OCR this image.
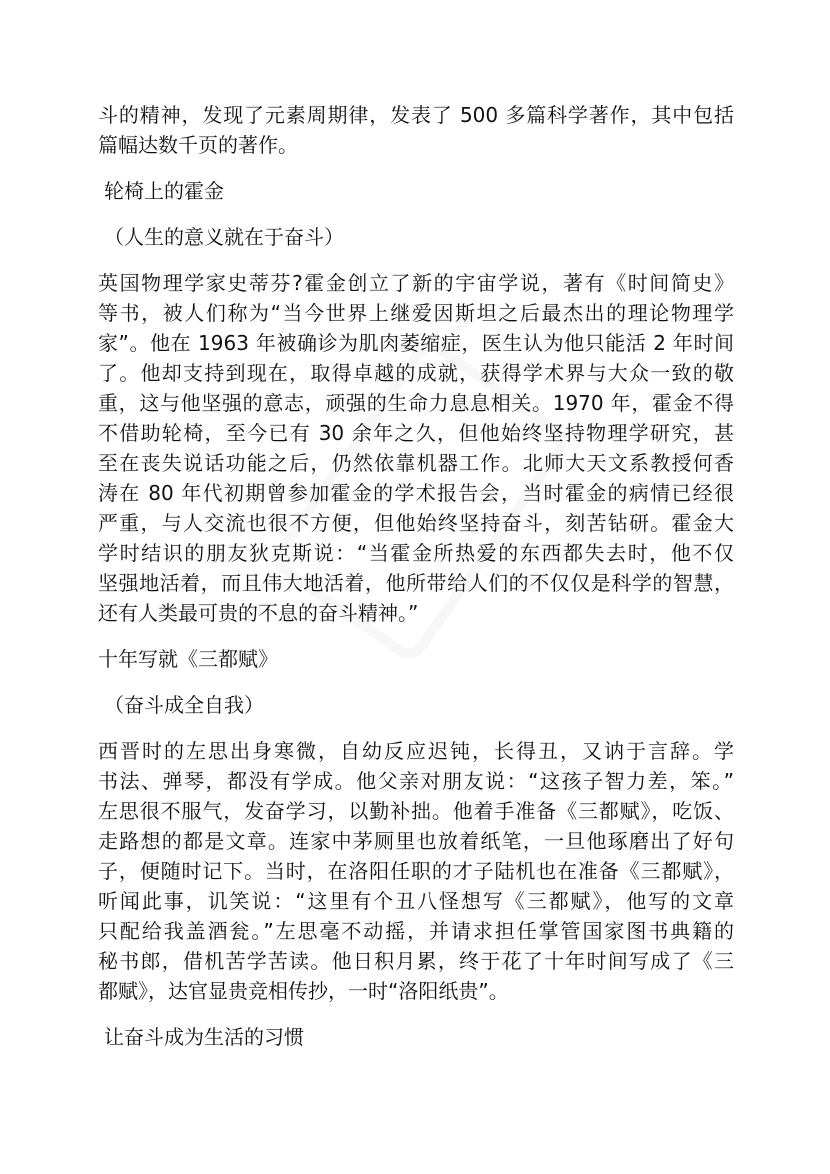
斗的精神，发现了元素周期律，发表了 500 多篇科学著作，其中包括
篇幅达数千页的著作。
轮椅上的霍金
（人生的意义就在于奋斗）
英国物理学家史蒂芬?霍金创立了新的宇宙学说，著有《时间简史》
等书，被人们称为“当今世界上继爱因斯坦之后最杰出的理论物理学
家”。他在 1963 年被确诊为肌肉萎缩症，医生认为他只能活 2 年时间
了。他却支持到现在，取得卓越的成就，获得学术界与大众一致的敬
重，这与他坚强的意志，顽强的生命力息息相关。1970 年，霍金不得
不借助轮椅，至今已有 30 余年之久，但他始终坚持物理学研究，甚
至在丧失说话功能之后，仍然依靠机器工作。北师大天文系教授何香
涛在 80 年代初期曾参加霍金的学术报告会，当时霍金的病情已经很
严重，与人交流也很不方便，但他始终坚持奋斗，刻苦钻研。霍金大
学时结识的朋友狄克斯说：“当霍金所热爱的东西都失去时，他不仅
坚强地活着，而且伟大地活着，他所带给人们的不仅仅是科学的智慧，
还有人类最可贵的不息的奋斗精神。”
十年写就《三都赋》
（奋斗成全自我）
西晋时的左思出身寒微，自幼反应迟钝，长得丑，又讷于言辞。学
书法、弹琴，都没有学成。他父亲对朋友说：“这孩子智力差，笨。”
左思很不服气，发奋学习，以勤补拙。他着手准备《三都赋》，吃饭、
走路想的都是文章。连家中茅厕里也放着纸笔，一旦他琢磨出了好句
子，便随时记下。当时，在洛阳任职的才子陆机也在准备《三都赋》，
听闻此事，讥笑说：“这里有个丑八怪想写《三都赋》，他写的文章
只配给我盖酒瓮。”左思毫不动摇，并请求担任掌管国家图书典籍的
秘书郎，借机苦学苦读。他日积月累，终于花了十年时间写成了《三
都赋》，达官显贵竞相传抄，一时“洛阳纸贵”。
让奋斗成为生活的习惯
